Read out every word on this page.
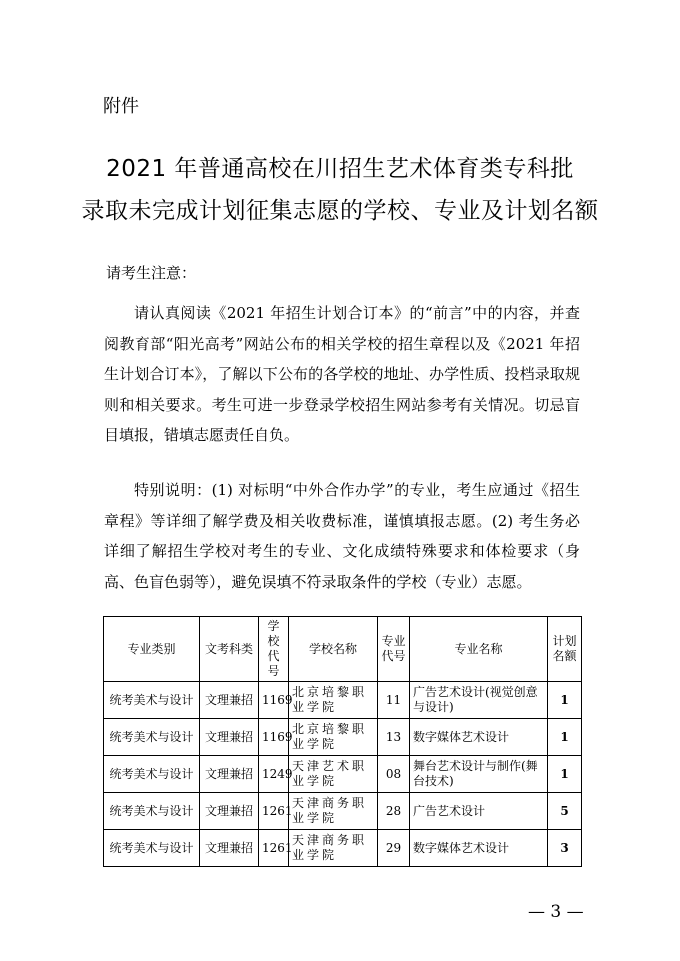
附件
2021 年普通高校在川招生艺术体育类专科批
录取未完成计划征集志愿的学校、专业及计划名额
请考生注意：

请认真阅读《2021 年招生计划合订本》的“前言”中的内容，并查阅教育部“阳光高考”网站公布的相关学校的招生章程以及《2021 年招生计划合订本》，了解以下公布的各学校的地址、办学性质、投档录取规则和相关要求。考生可进一步登录学校招生网站参考有关情况。切忌盲目填报，错填志愿责任自负。

特别说明：(1) 对标明“中外合作办学”的专业，考生应通过《招生章程》等详细了解学费及相关收费标准，谨慎填报志愿。(2) 考生务必详细了解招生学校对考生的专业、文化成绩特殊要求和体检要求（身高、色盲色弱等），避免误填不符录取条件的学校（专业）志愿。

专业类别	文考科类	学校代号	学校名称	专业代号	专业名称	计划名额
统考美术与设计	文理兼招	1169	北京培黎职业学院	11	广告艺术设计(视觉创意与设计)	1
统考美术与设计	文理兼招	1169	北京培黎职业学院	13	数字媒体艺术设计	1
统考美术与设计	文理兼招	1249	天津艺术职业学院	08	舞台艺术设计与制作(舞台技术)	1
统考美术与设计	文理兼招	1261	天津商务职业学院	28	广告艺术设计	5
统考美术与设计	文理兼招	1261	天津商务职业学院	29	数字媒体艺术设计	3
— 3 —
